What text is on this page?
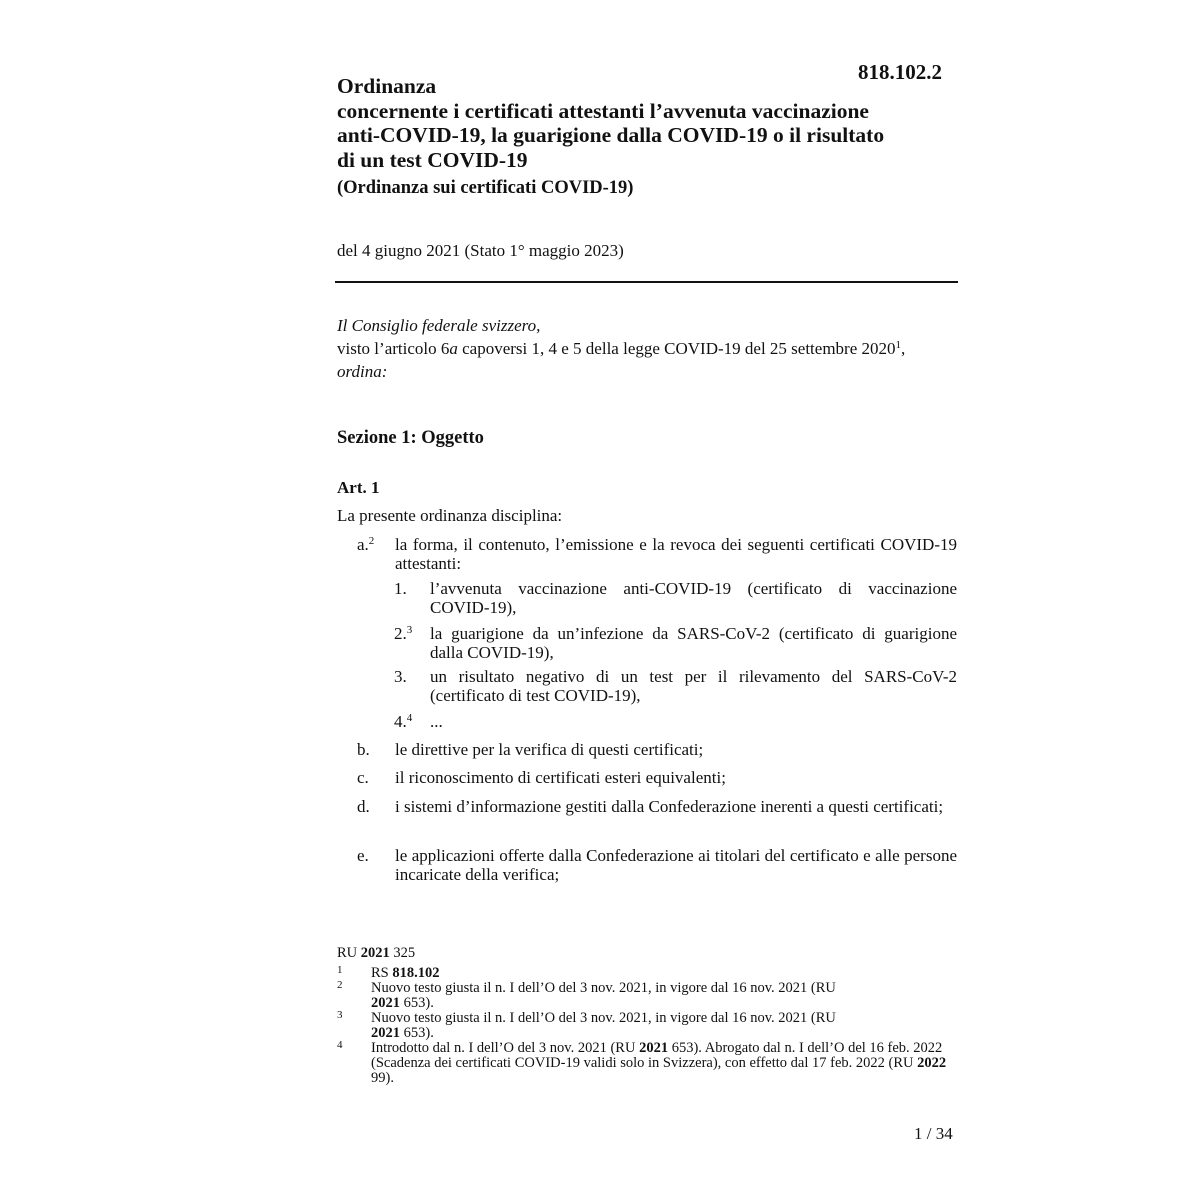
818.102.2
Ordinanza
concernente i certificati attestanti l’avvenuta vaccinazione
anti-COVID-19, la guarigione dalla COVID-19 o il risultato
di un test COVID-19
(Ordinanza sui certificati COVID-19)
del 4 giugno 2021 (Stato 1° maggio 2023)
Il Consiglio federale svizzero,
visto l’articolo 6a capoversi 1, 4 e 5 della legge COVID-19 del 25 settembre 2020$^1$,
ordina:
Sezione 1: Oggetto
Art. 1
La presente ordinanza disciplina:
a.$^2$ la forma, il contenuto, l’emissione e la revoca dei seguenti certificati COVID-19 attestanti:
1. l’avvenuta vaccinazione anti-COVID-19 (certificato di vaccinazione COVID-19),
2.$^3$ la guarigione da un’infezione da SARS-CoV-2 (certificato di guarigione dalla COVID-19),
3. un risultato negativo di un test per il rilevamento del SARS-CoV-2 (certificato di test COVID-19),
4.$^4$ ...
b. le direttive per la verifica di questi certificati;
c. il riconoscimento di certificati esteri equivalenti;
d. i sistemi d’informazione gestiti dalla Confederazione inerenti a questi certificati;
e. le applicazioni offerte dalla Confederazione ai titolari del certificato e alle persone incaricate della verifica;
RU 2021 325
1 RS 818.102
2 Nuovo testo giusta il n. I dell’O del 3 nov. 2021, in vigore dal 16 nov. 2021 (RU 2021 653).
3 Nuovo testo giusta il n. I dell’O del 3 nov. 2021, in vigore dal 16 nov. 2021 (RU 2021 653).
4 Introdotto dal n. I dell’O del 3 nov. 2021 (RU 2021 653). Abrogato dal n. I dell’O del 16 feb. 2022 (Scadenza dei certificati COVID-19 validi solo in Svizzera), con effetto dal 17 feb. 2022 (RU 2022 99).
1 / 34
